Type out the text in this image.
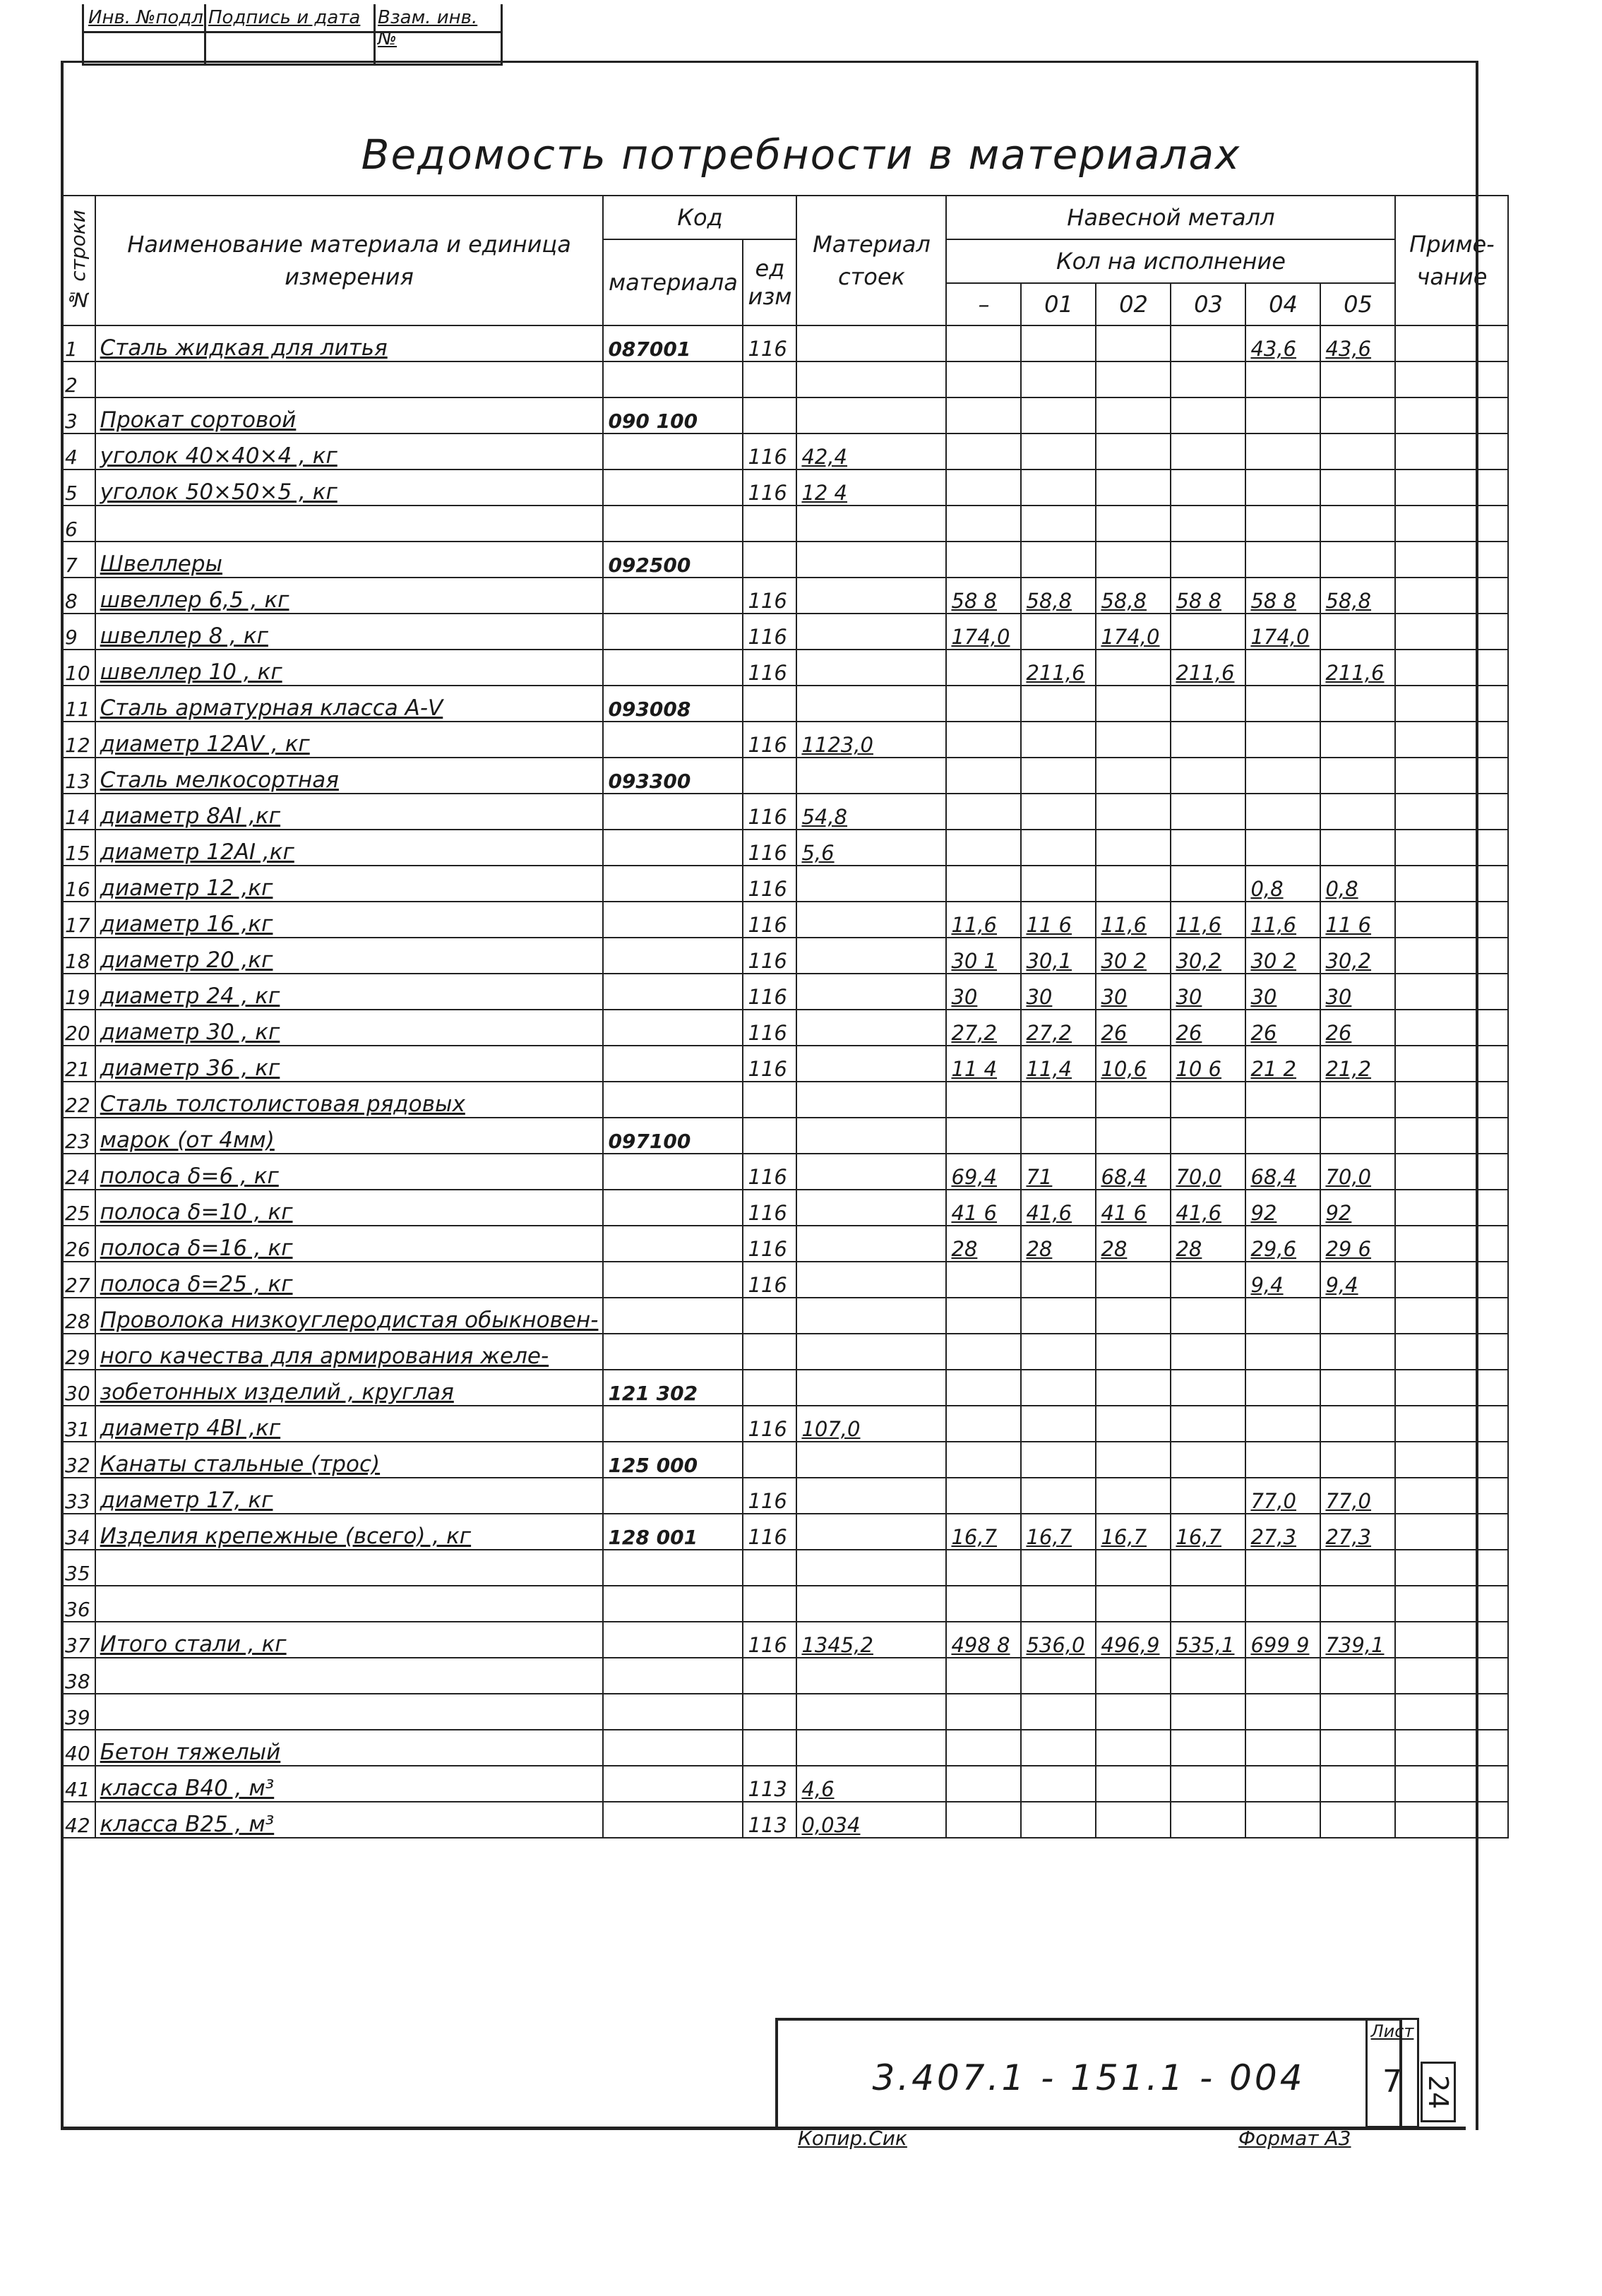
Инв. №подл Подпись и дата Взам. инв. №
Ведомость потребности в материалах
№ строки	Наименование материала и единица измерения	Код		Материал стоек	Навесной металл						Приме-чание
		материала	ед изм		Кол на исполнение						
					–	01	02	03	04	05	
1	Сталь жидкая для литья	087001	116						43,6	43,6	
2											
3	Прокат сортовой	090 100									
4	уголок 40×40×4 , кг		116	42,4							
5	уголок 50×50×5 , кг		116	12 4							
6											
7	Швеллеры	092500									
8	швеллер 6,5 , кг		116		58 8	58,8	58,8	58 8	58 8	58,8	
9	швеллер 8 , кг		116		174,0		174,0		174,0		
10	швеллер 10 , кг		116			211,6		211,6		211,6	
11	Сталь арматурная класса A-Ⅴ	093008									
12	диаметр 12AⅤ , кг		116	1123,0							
13	Сталь мелкосортная	093300									
14	диаметр 8AⅠ ,кг		116	54,8							
15	диаметр 12AⅠ ,кг		116	5,6							
16	диаметр 12 ,кг		116						0,8	0,8	
17	диаметр 16 ,кг		116		11,6	11 6	11,6	11,6	11,6	11 6	
18	диаметр 20 ,кг		116		30 1	30,1	30 2	30,2	30 2	30,2	
19	диаметр 24 , кг		116		30	30	30	30	30	30	
20	диаметр 30 , кг		116		27,2	27,2	26	26	26	26	
21	диаметр 36 , кг		116		11 4	11,4	10,6	10 6	21 2	21,2	
22	Сталь толстолистовая рядовых										
23	марок (от 4мм)	097100									
24	полоса δ=6 , кг		116		69,4	71	68,4	70,0	68,4	70,0	
25	полоса δ=10 , кг		116		41 6	41,6	41 6	41,6	92	92	
26	полоса δ=16 , кг		116		28	28	28	28	29,6	29 6	
27	полоса δ=25 , кг		116						9,4	9,4	
28	Проволока низкоуглеродистая обыкновен-										
29	ного качества для армирования желе-										
30	зобетонных изделий , круглая	121 302									
31	диаметр 4BⅠ ,кг		116	107,0							
32	Канаты стальные (трос)	125 000									
33	диаметр 17, кг		116						77,0	77,0	
34	Изделия крепежные (всего) , кг	128 001	116		16,7	16,7	16,7	16,7	27,3	27,3	
35											
36											
37	Итого стали , кг		116	1345,2	498 8	536,0	496,9	535,1	699 9	739,1	
38											
39											
40	Бетон тяжелый										
41	класса B40 , м³		113	4,6							
42	класса B25 , м³		113	0,034							
3.407.1 - 151.1 - 004
Лист
7 24
Копир.Сик	Формат А3
